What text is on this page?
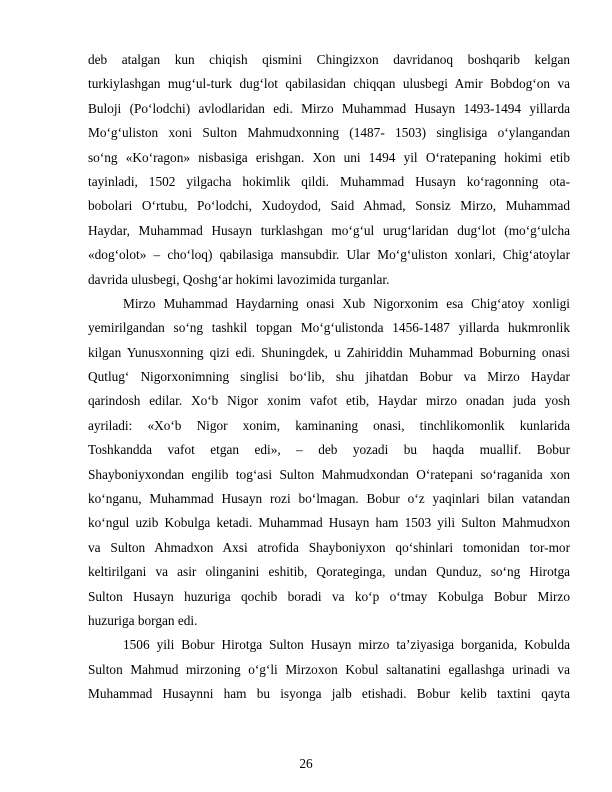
deb atalgan kun chiqish qismini Chingizxon davridanoq boshqarib kelgan
turkiylashgan mug‘ul-turk dug‘lot qabilasidan chiqqan ulusbegi Amir Bobdog‘on va
Buloji (Po‘lodchi) avlodlaridan edi. Mirzo Muhammad Husayn 1493-1494 yillarda
Mo‘g‘uliston xoni Sulton Mahmudxonning (1487- 1503) singlisiga o‘ylangandan
so‘ng «Ko‘ragon» nisbasiga erishgan. Xon uni 1494 yil O‘ratepaning hokimi etib
tayinladi, 1502 yilgacha hokimlik qildi. Muhammad Husayn ko‘ragonning ota-
bobolari O‘rtubu, Po‘lodchi, Xudoydod, Said Ahmad, Sonsiz Mirzo, Muhammad
Haydar, Muhammad Husayn turklashgan mo‘g‘ul urug‘laridan dug‘lot (mo‘g‘ulcha
«dog‘olot» – cho‘loq) qabilasiga mansubdir. Ular Mo‘g‘uliston xonlari, Chig‘atoylar
davrida ulusbegi, Qoshg‘ar hokimi lavozimida turganlar.
Mirzo Muhammad Haydarning onasi Xub Nigorxonim esa Chig‘atoy xonligi
yemirilgandan so‘ng tashkil topgan Mo‘g‘ulistonda 1456-1487 yillarda hukmronlik
kilgan Yunusxonning qizi edi. Shuningdek, u Zahiriddin Muhammad Boburning onasi
Qutlug‘ Nigorxonimning singlisi bo‘lib, shu jihatdan Bobur va Mirzo Haydar
qarindosh edilar. Xo‘b Nigor xonim vafot etib, Haydar mirzo onadan juda yosh
ayriladi: «Xo‘b Nigor xonim, kaminaning onasi, tinchlikomonlik kunlarida
Toshkandda vafot etgan edi», – deb yozadi bu haqda muallif. Bobur
Shayboniyxondan engilib tog‘asi Sulton Mahmudxondan O‘ratepani so‘raganida xon
ko‘nganu, Muhammad Husayn rozi bo‘lmagan. Bobur o‘z yaqinlari bilan vatandan
ko‘ngul uzib Kobulga ketadi. Muhammad Husayn ham 1503 yili Sulton Mahmudxon
va Sulton Ahmadxon Axsi atrofida Shayboniyxon qo‘shinlari tomonidan tor-mor
keltirilgani va asir olinganini eshitib, Qorateginga, undan Qunduz, so‘ng Hirotga
Sulton Husayn huzuriga qochib boradi va ko‘p o‘tmay Kobulga Bobur Mirzo
huzuriga borgan edi.
1506 yili Bobur Hirotga Sulton Husayn mirzo ta’ziyasiga borganida, Kobulda
Sulton Mahmud mirzoning o‘g‘li Mirzoxon Kobul saltanatini egallashga urinadi va
Muhammad Husaynni ham bu isyonga jalb etishadi. Bobur kelib taxtini qayta
26
